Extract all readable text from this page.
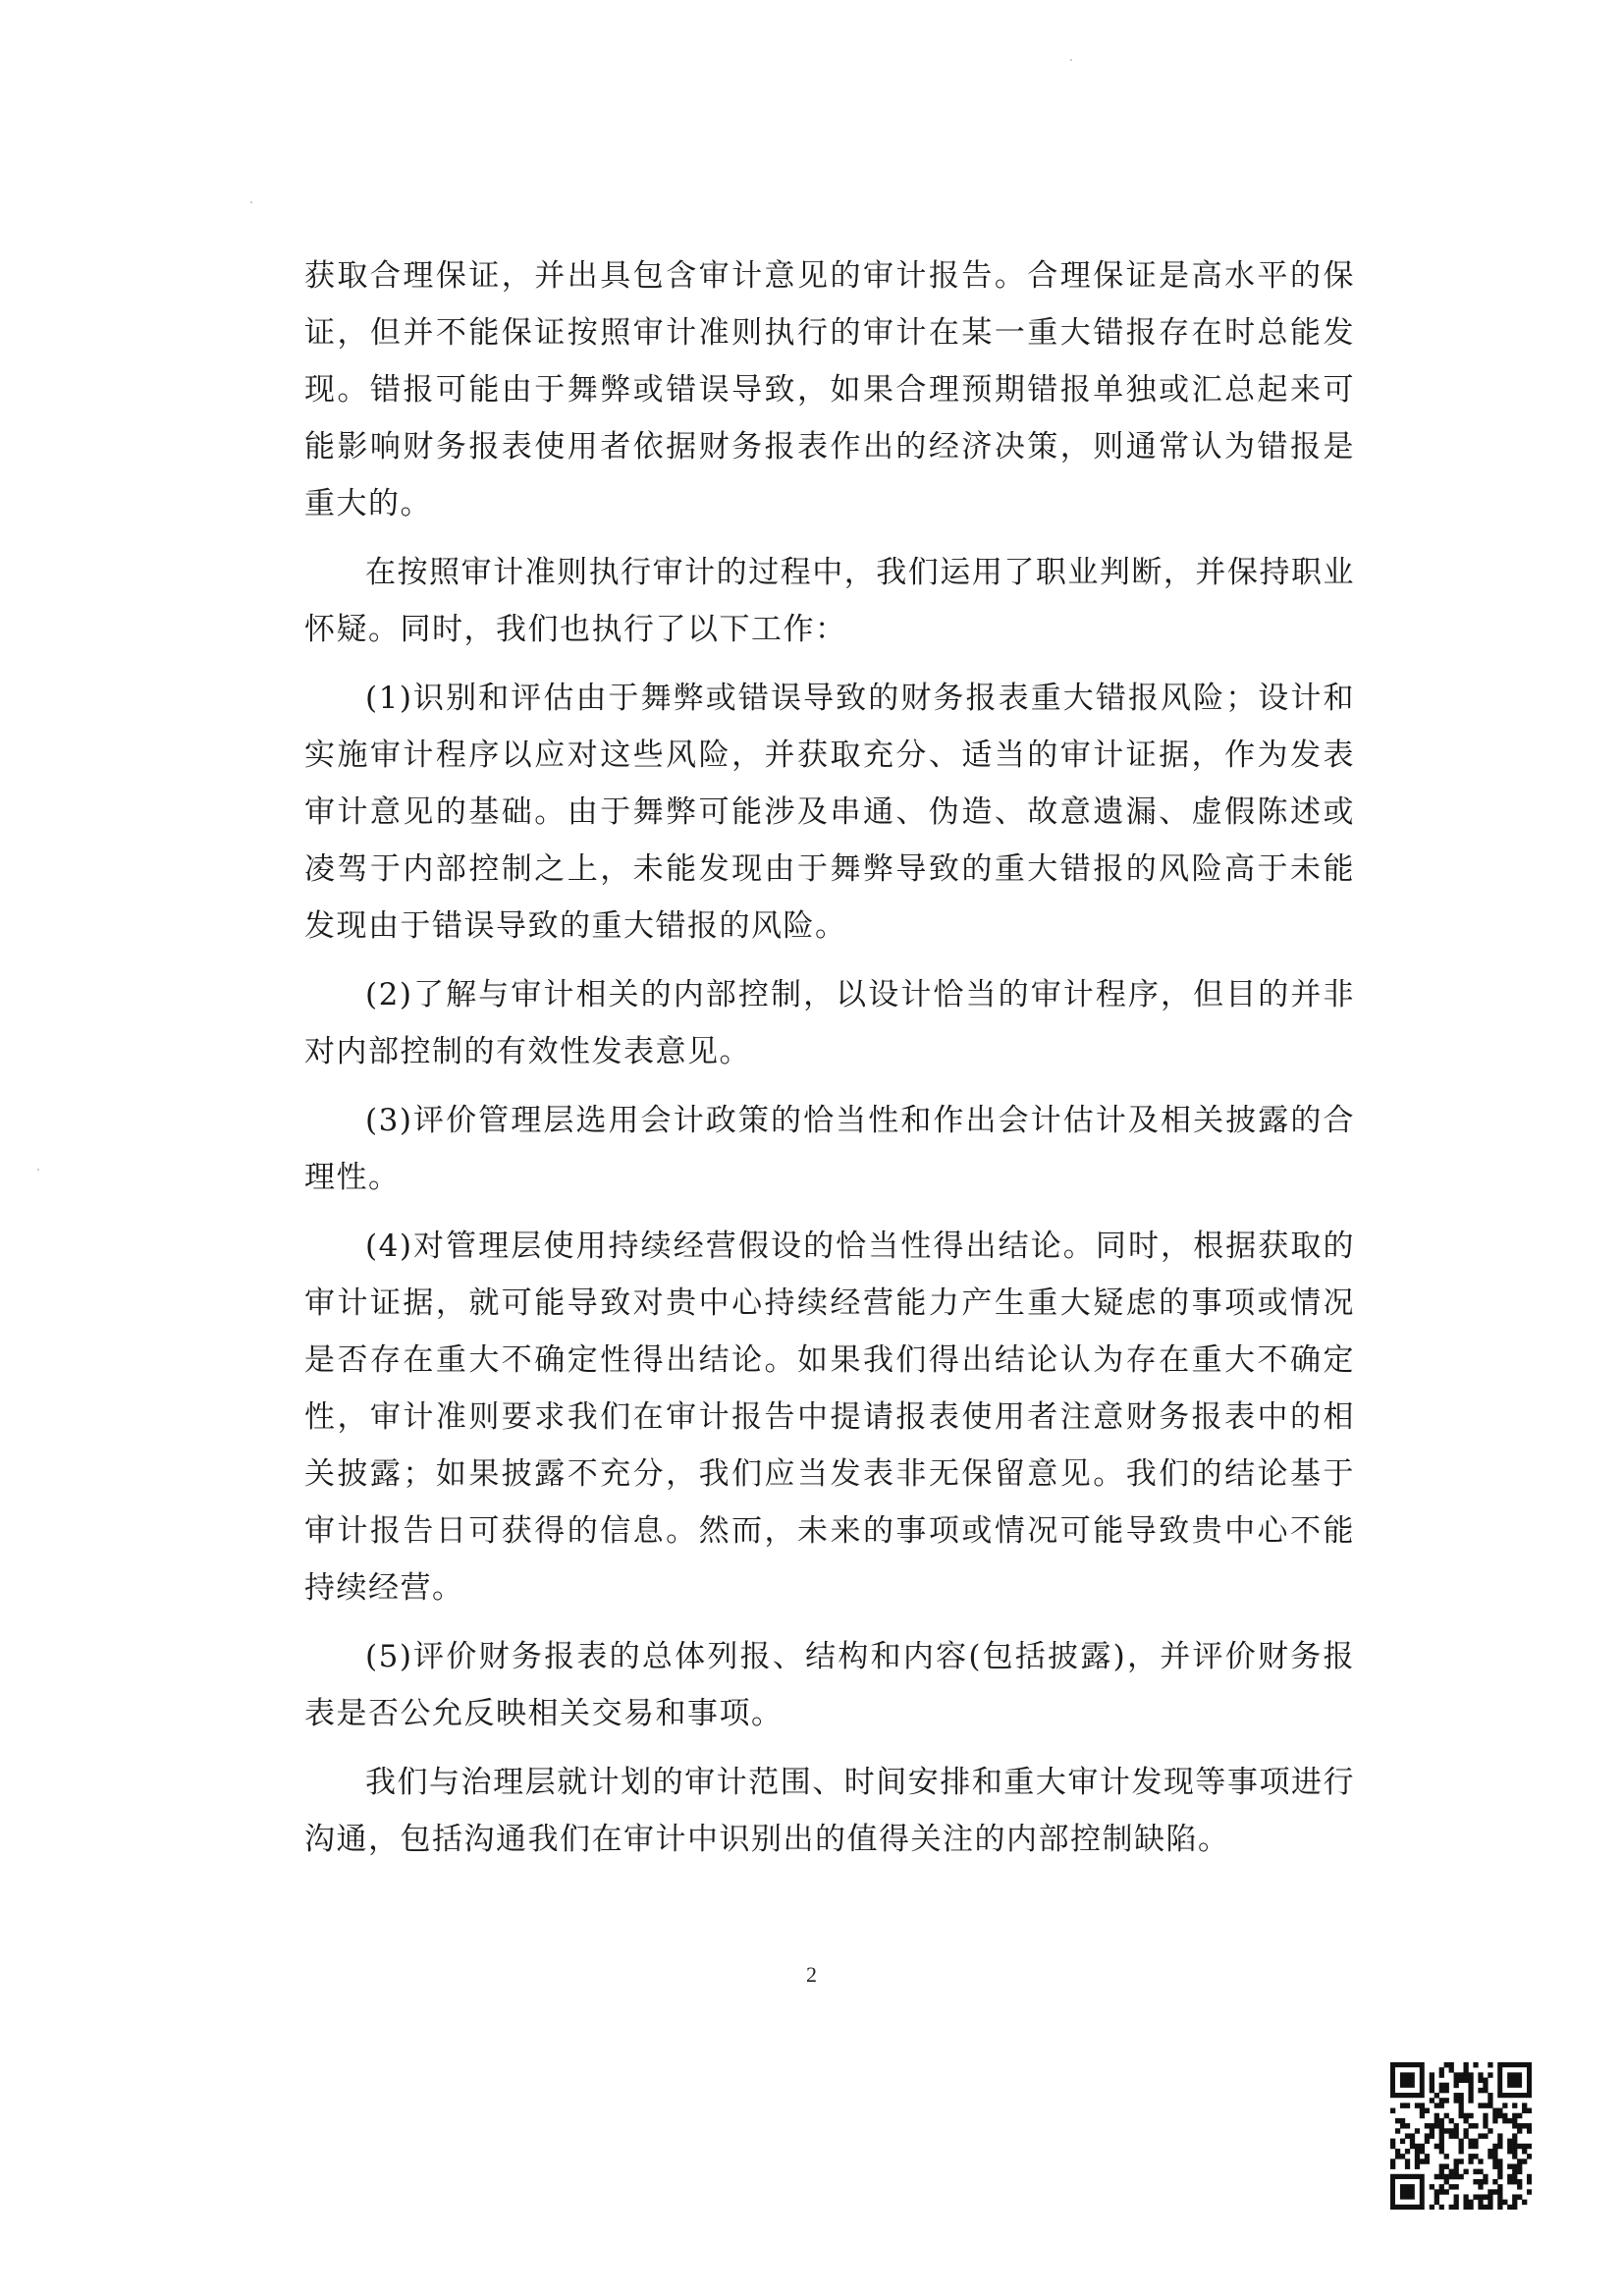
获取合理保证，并出具包含审计意见的审计报告。合理保证是高水平的保证，但并不能保证按照审计准则执行的审计在某一重大错报存在时总能发现。错报可能由于舞弊或错误导致，如果合理预期错报单独或汇总起来可能影响财务报表使用者依据财务报表作出的经济决策，则通常认为错报是重大的。

在按照审计准则执行审计的过程中，我们运用了职业判断，并保持职业怀疑。同时，我们也执行了以下工作：

(1)识别和评估由于舞弊或错误导致的财务报表重大错报风险；设计和实施审计程序以应对这些风险，并获取充分、适当的审计证据，作为发表审计意见的基础。由于舞弊可能涉及串通、伪造、故意遗漏、虚假陈述或凌驾于内部控制之上，未能发现由于舞弊导致的重大错报的风险高于未能发现由于错误导致的重大错报的风险。

(2)了解与审计相关的内部控制，以设计恰当的审计程序，但目的并非对内部控制的有效性发表意见。

(3)评价管理层选用会计政策的恰当性和作出会计估计及相关披露的合理性。

(4)对管理层使用持续经营假设的恰当性得出结论。同时，根据获取的审计证据，就可能导致对贵中心持续经营能力产生重大疑虑的事项或情况是否存在重大不确定性得出结论。如果我们得出结论认为存在重大不确定性，审计准则要求我们在审计报告中提请报表使用者注意财务报表中的相关披露；如果披露不充分，我们应当发表非无保留意见。我们的结论基于审计报告日可获得的信息。然而，未来的事项或情况可能导致贵中心不能持续经营。

(5)评价财务报表的总体列报、结构和内容(包括披露)，并评价财务报表是否公允反映相关交易和事项。

我们与治理层就计划的审计范围、时间安排和重大审计发现等事项进行沟通，包括沟通我们在审计中识别出的值得关注的内部控制缺陷。

2
